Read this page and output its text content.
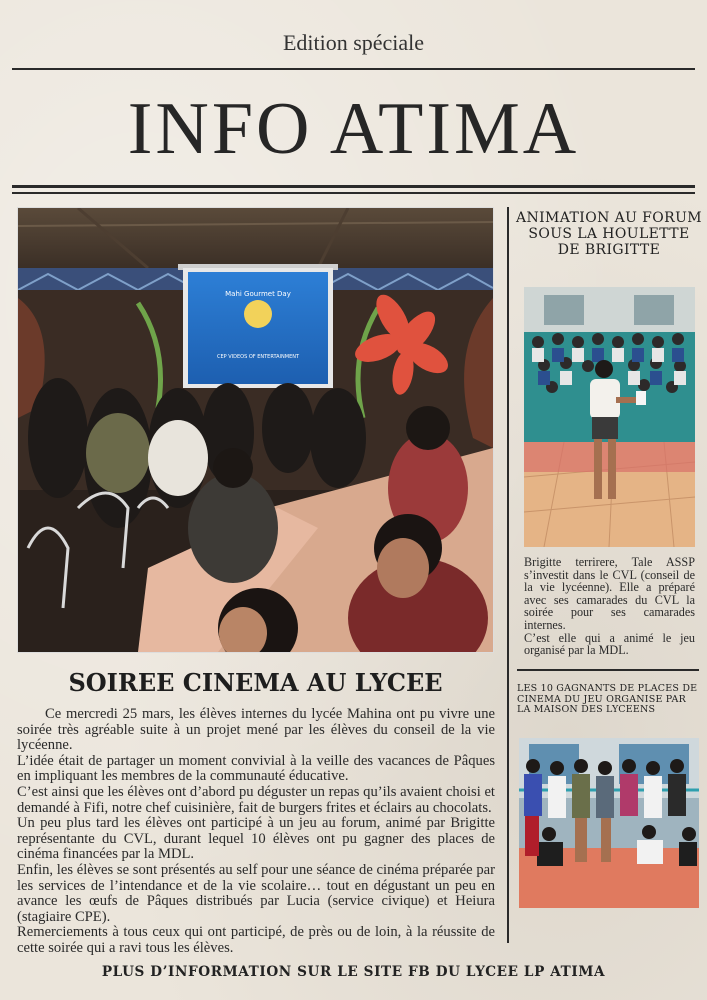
Edition spéciale
INFO ATIMA
Mahi Gourmet Day
CEP VIDEOS OF ENTERTAINMENT
SOIREE CINEMA AU LYCEE

Ce mercredi 25 mars, les élèves internes du lycée Mahina ont pu vivre une soirée très agréable suite à un projet mené par les élèves du conseil de la vie lycéenne.

L’idée était de partager un moment convivial à la veille des vacances de Pâques en impliquant les membres de la communauté éducative.

C’est ainsi que les élèves ont d’abord pu déguster un repas qu’ils avaient choisi et demandé à Fifi, notre chef cuisinière, fait de burgers frites et éclairs au chocolats.

Un peu plus tard les élèves ont participé à un jeu au forum, animé par Brigitte représentante du CVL, durant lequel 10 élèves ont pu gagner des places de cinéma financées par la MDL.

Enfin, les élèves se sont présentés au self pour une séance de cinéma préparée par les services de l’intendance et de la vie scolaire… tout en dégustant un peu en avance les œufs de Pâques distribués par Lucia (service civique) et Heiura (stagiaire CPE).

Remerciements à tous ceux qui ont participé, de près ou de loin, à la réussite de cette soirée qui a ravi tous les élèves.

ANIMATION AU FORUM SOUS LA HOULETTE DE BRIGITTE

Brigitte terrirere, Tale ASSP s’investit dans le CVL (conseil de la vie lycéenne). Elle a préparé avec ses camarades du CVL la soirée pour ses camarades internes.

C’est elle qui a animé le jeu organisé par la MDL.

LES 10 GAGNANTS DE PLACES DE CINEMA DU JEU ORGANISE PAR LA MAISON DES LYCEENS
PLUS D’INFORMATION SUR LE SITE FB DU LYCEE LP ATIMA
